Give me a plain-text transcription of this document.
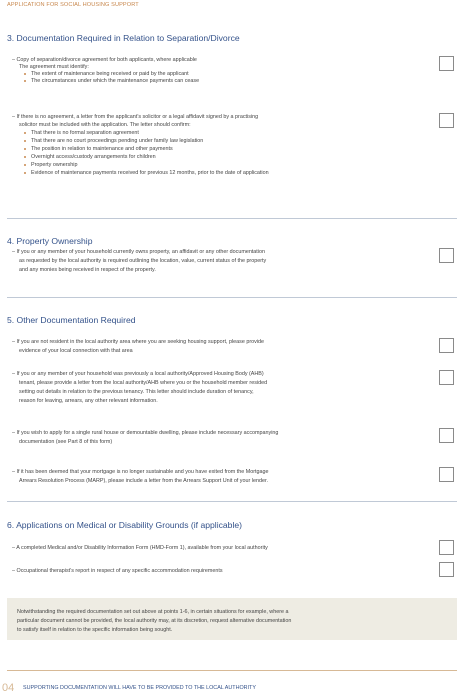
APPLICATION FOR SOCIAL HOUSING SUPPORT
3. Documentation Required in Relation to Separation/Divorce
– Copy of separation/divorce agreement for both applicants, where applicable
The agreement must identify:
The extent of maintenance being received or paid by the applicant
The circumstances under which the maintenance payments can cease
– If there is no agreement, a letter from the applicant’s solicitor or a legal affidavit signed by a practising
solicitor must be included with the application. The letter should confirm:
That there is no formal separation agreement
That there are no court proceedings pending under family law legislation
The position in relation to maintenance and other payments
Overnight access/custody arrangements for children
Property ownership
Evidence of maintenance payments received for previous 12 months, prior to the date of application
4. Property Ownership
– If you or any member of your household currently owns property, an affidavit or any other documentation
as requested by the local authority is required outlining the location, value, current status of the property
and any monies being received in respect of the property.
5. Other Documentation Required
– If you are not resident in the local authority area where you are seeking housing support, please provide
evidence of your local connection with that area
– If you or any member of your household was previously a local authority/Approved Housing Body (AHB)
tenant, please provide a letter from the local authority/AHB where you or the household member resided
setting out details in relation to the previous tenancy. This letter should include duration of tenancy,
reason for leaving, arrears, any other relevant information.
– If you wish to apply for a single rural house or demountable dwelling, please include necessary accompanying
documentation (see Part 8 of this form)
– If it has been deemed that your mortgage is no longer sustainable and you have exited from the Mortgage
Arrears Resolution Process (MARP), please include a letter from the Arrears Support Unit of your lender.
6. Applications on Medical or Disability Grounds (if applicable)
– A completed Medical and/or Disability Information Form (HMD-Form 1), available from your local authority
– Occupational therapist’s report in respect of any specific accommodation requirements
Notwithstanding the required documentation set out above at points 1-6, in certain situations for example, where a
particular document cannot be provided, the local authority may, at its discretion, request alternative documentation
to satisfy itself in relation to the specific information being sought.
04 SUPPORTING DOCUMENTATION WILL HAVE TO BE PROVIDED TO THE LOCAL AUTHORITY
